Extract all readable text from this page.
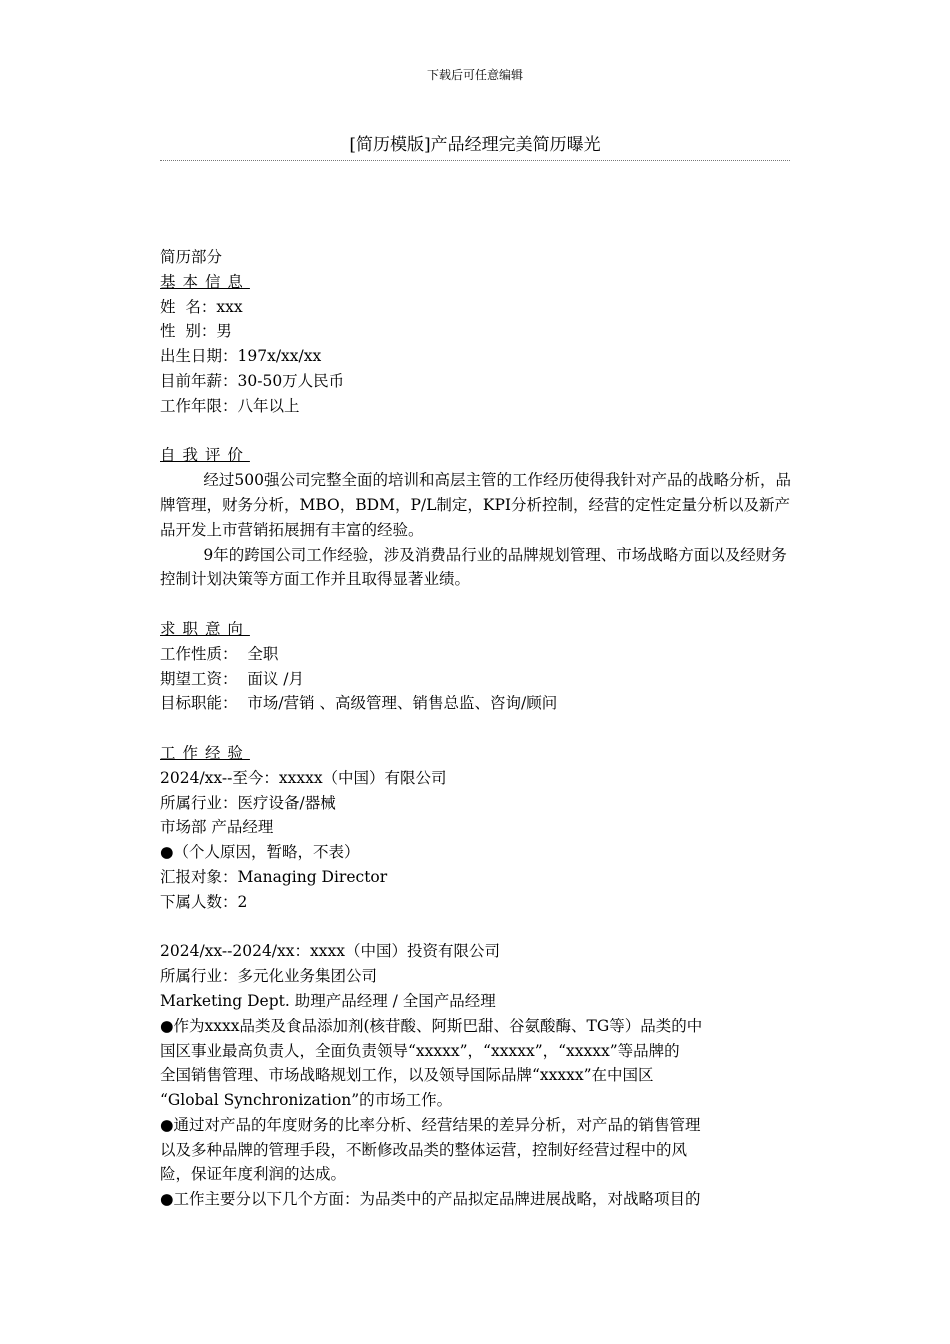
下载后可任意编辑
[简历模版]产品经理完美简历曝光
简历部分
基本信息
姓  名：xxx
性  别：男
出生日期：197x/xx/xx
目前年薪：30-50万人民币
工作年限：八年以上
自我评价
经过500强公司完整全面的培训和高层主管的工作经历使得我针对产品的战略分析，品牌管理，财务分析，MBO，BDM，P/L制定，KPI分析控制，经营的定性定量分析以及新产品开发上市营销拓展拥有丰富的经验。
9年的跨国公司工作经验，涉及消费品行业的品牌规划管理、市场战略方面以及经财务控制计划决策等方面工作并且取得显著业绩。
求职意向
工作性质：  全职
期望工资：  面议 /月
目标职能：  市场/营销 、高级管理、销售总监、咨询/顾问
工作经验
2024/xx--至今：xxxxx（中国）有限公司
所属行业：医疗设备/器械
市场部 产品经理
●（个人原因，暂略，不表）
汇报对象：Managing Director
下属人数：2
2024/xx--2024/xx：xxxx（中国）投资有限公司
所属行业：多元化业务集团公司
Marketing Dept. 助理产品经理 / 全国产品经理
●作为xxxx品类及食品添加剂(核苷酸、阿斯巴甜、谷氨酸酶、TG等）品类的中
国区事业最高负责人，全面负责领导“xxxxx”，“xxxxx”，“xxxxx”等品牌的
全国销售管理、市场战略规划工作，以及领导国际品牌“xxxxx”在中国区
“Global Synchronization”的市场工作。
●通过对产品的年度财务的比率分析、经营结果的差异分析，对产品的销售管理
以及多种品牌的管理手段，不断修改品类的整体运营，控制好经营过程中的风
险，保证年度利润的达成。
●工作主要分以下几个方面：为品类中的产品拟定品牌进展战略，对战略项目的
